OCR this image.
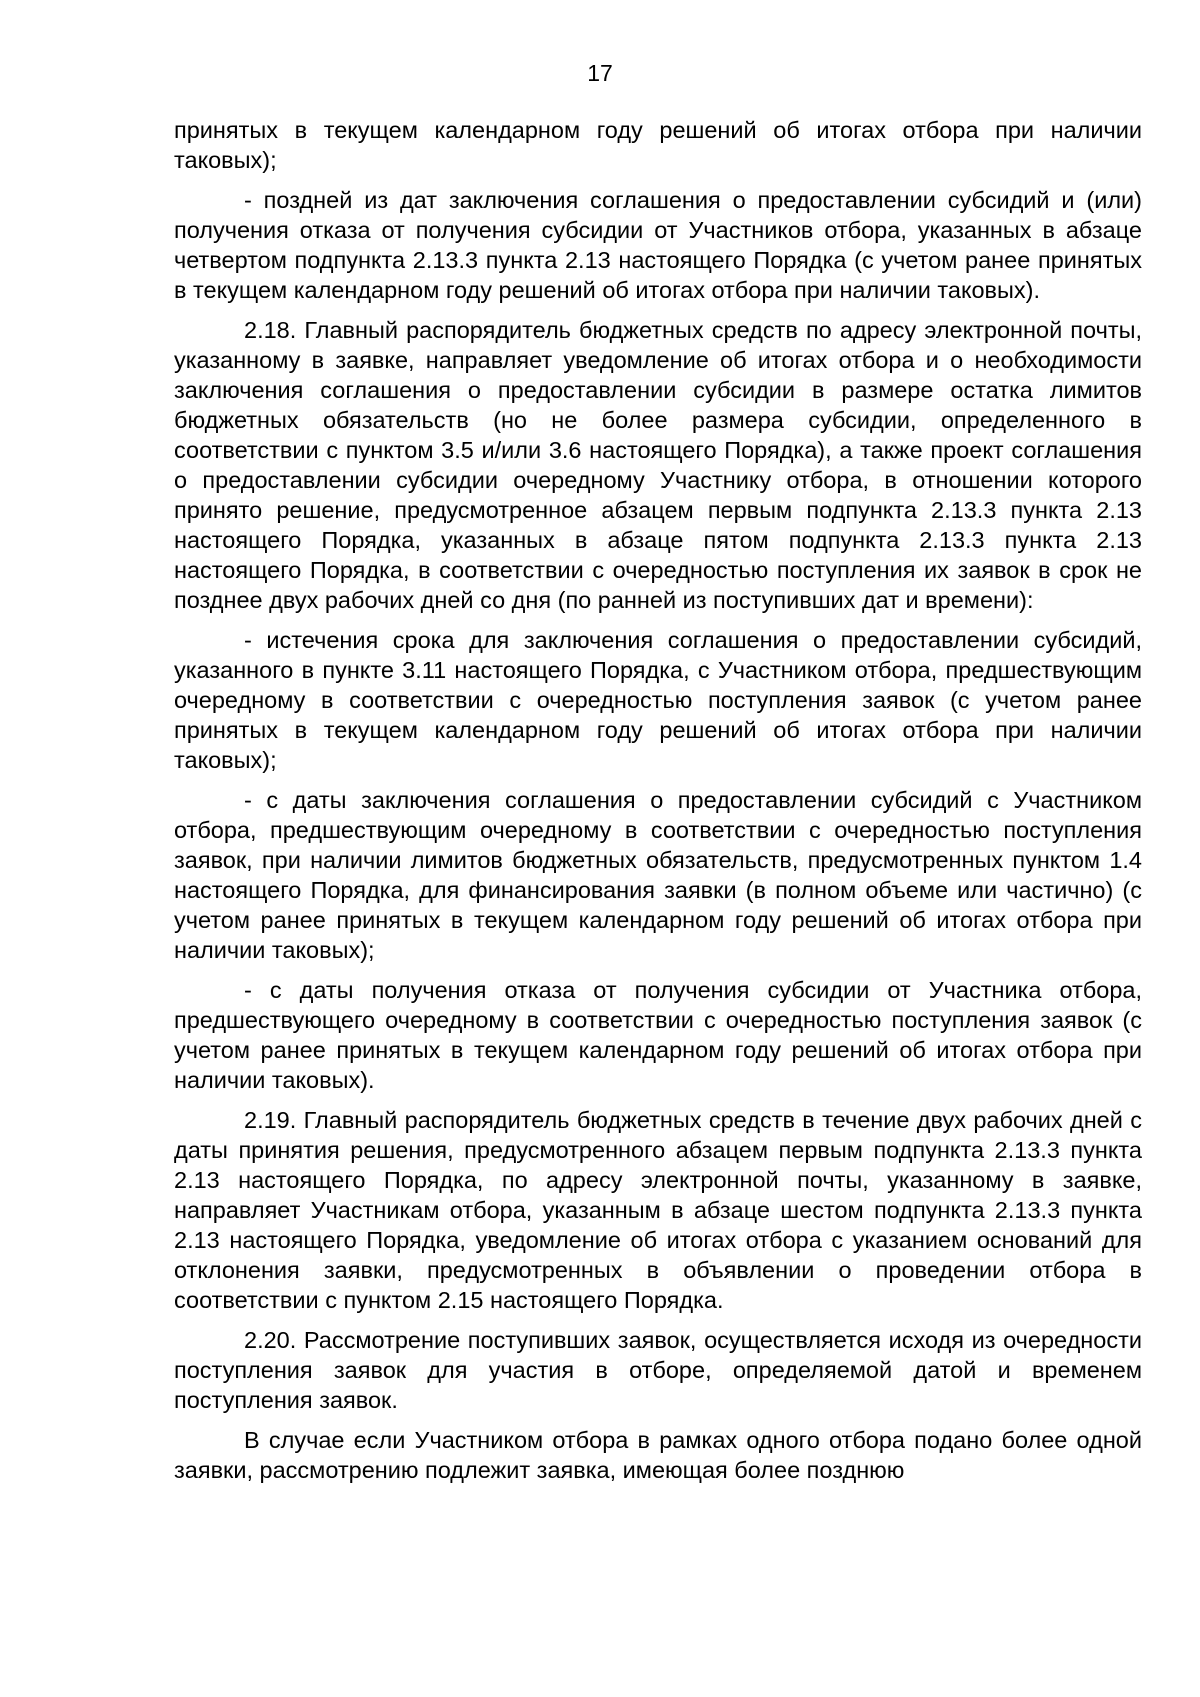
17

принятых в текущем календарном году решений об итогах отбора при наличии таковых);

- поздней из дат заключения соглашения о предоставлении субсидий и (или) получения отказа от получения субсидии от Участников отбора, указанных в абзаце четвертом подпункта 2.13.3 пункта 2.13 настоящего Порядка (с учетом ранее принятых в текущем календарном году решений об итогах отбора при наличии таковых).

2.18. Главный распорядитель бюджетных средств по адресу электронной почты, указанному в заявке, направляет уведомление об итогах отбора и о необходимости заключения соглашения о предоставлении субсидии в размере остатка лимитов бюджетных обязательств (но не более размера субсидии, определенного в соответствии с пунктом 3.5 и/или 3.6 настоящего Порядка), а также проект соглашения о предоставлении субсидии очередному Участнику отбора, в отношении которого принято решение, предусмотренное абзацем первым подпункта 2.13.3 пункта 2.13 настоящего Порядка, указанных в абзаце пятом подпункта 2.13.3 пункта 2.13 настоящего Порядка, в соответствии с очередностью поступления их заявок в срок не позднее двух рабочих дней со дня (по ранней из поступивших дат и времени):

- истечения срока для заключения соглашения о предоставлении субсидий, указанного в пункте 3.11 настоящего Порядка, с Участником отбора, предшествующим очередному в соответствии с очередностью поступления заявок (с учетом ранее принятых в текущем календарном году решений об итогах отбора при наличии таковых);

- с даты заключения соглашения о предоставлении субсидий с Участником отбора, предшествующим очередному в соответствии с очередностью поступления заявок, при наличии лимитов бюджетных обязательств, предусмотренных пунктом 1.4 настоящего Порядка, для финансирования заявки (в полном объеме или частично) (с учетом ранее принятых в текущем календарном году решений об итогах отбора при наличии таковых);

- с даты получения отказа от получения субсидии от Участника отбора, предшествующего очередному в соответствии с очередностью поступления заявок (с учетом ранее принятых в текущем календарном году решений об итогах отбора при наличии таковых).

2.19. Главный распорядитель бюджетных средств в течение двух рабочих дней с даты принятия решения, предусмотренного абзацем первым подпункта 2.13.3 пункта 2.13 настоящего Порядка, по адресу электронной почты, указанному в заявке, направляет Участникам отбора, указанным в абзаце шестом подпункта 2.13.3 пункта 2.13 настоящего Порядка, уведомление об итогах отбора с указанием оснований для отклонения заявки, предусмотренных в объявлении о проведении отбора в соответствии с пунктом 2.15 настоящего Порядка.

2.20. Рассмотрение поступивших заявок, осуществляется исходя из очередности поступления заявок для участия в отборе, определяемой датой и временем поступления заявок.

В случае если Участником отбора в рамках одного отбора подано более одной заявки, рассмотрению подлежит заявка, имеющая более позднюю
